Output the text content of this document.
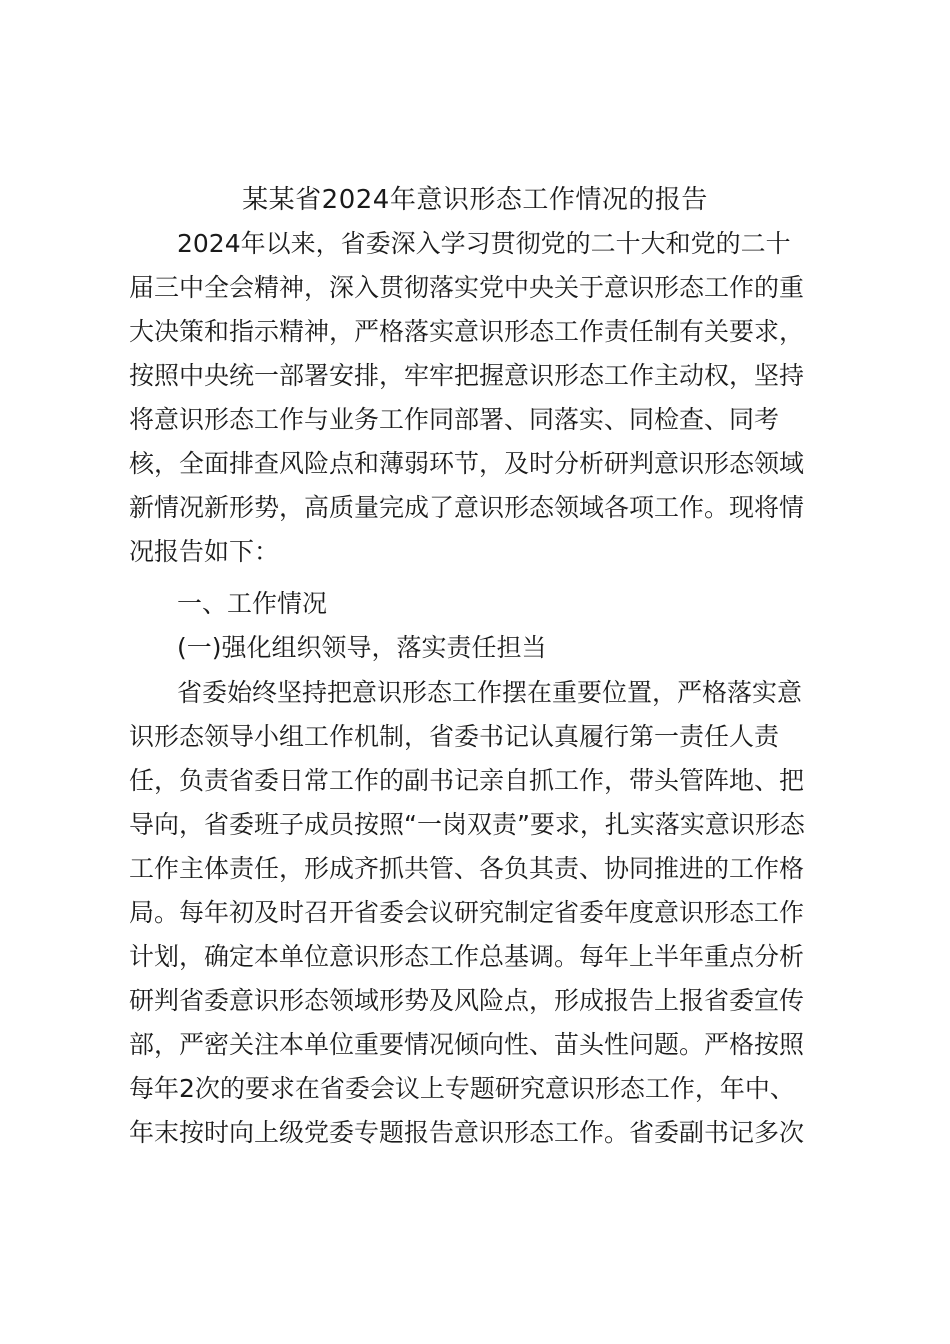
某某省2024年意识形态工作情况的报告

2024年以来，省委深入学习贯彻党的二十大和党的二十

届三中全会精神，深入贯彻落实党中央关于意识形态工作的重

大决策和指示精神，严格落实意识形态工作责任制有关要求，

按照中央统一部署安排，牢牢把握意识形态工作主动权，坚持

将意识形态工作与业务工作同部署、同落实、同检查、同考

核，全面排查风险点和薄弱环节，及时分析研判意识形态领域

新情况新形势，高质量完成了意识形态领域各项工作。现将情

况报告如下：

一、工作情况

(一)强化组织领导，落实责任担当

省委始终坚持把意识形态工作摆在重要位置，严格落实意

识形态领导小组工作机制，省委书记认真履行第一责任人责

任，负责省委日常工作的副书记亲自抓工作，带头管阵地、把

导向，省委班子成员按照“一岗双责”要求，扎实落实意识形态

工作主体责任，形成齐抓共管、各负其责、协同推进的工作格

局。每年初及时召开省委会议研究制定省委年度意识形态工作

计划，确定本单位意识形态工作总基调。每年上半年重点分析

研判省委意识形态领域形势及风险点，形成报告上报省委宣传

部，严密关注本单位重要情况倾向性、苗头性问题。严格按照

每年2次的要求在省委会议上专题研究意识形态工作，年中、

年末按时向上级党委专题报告意识形态工作。省委副书记多次
